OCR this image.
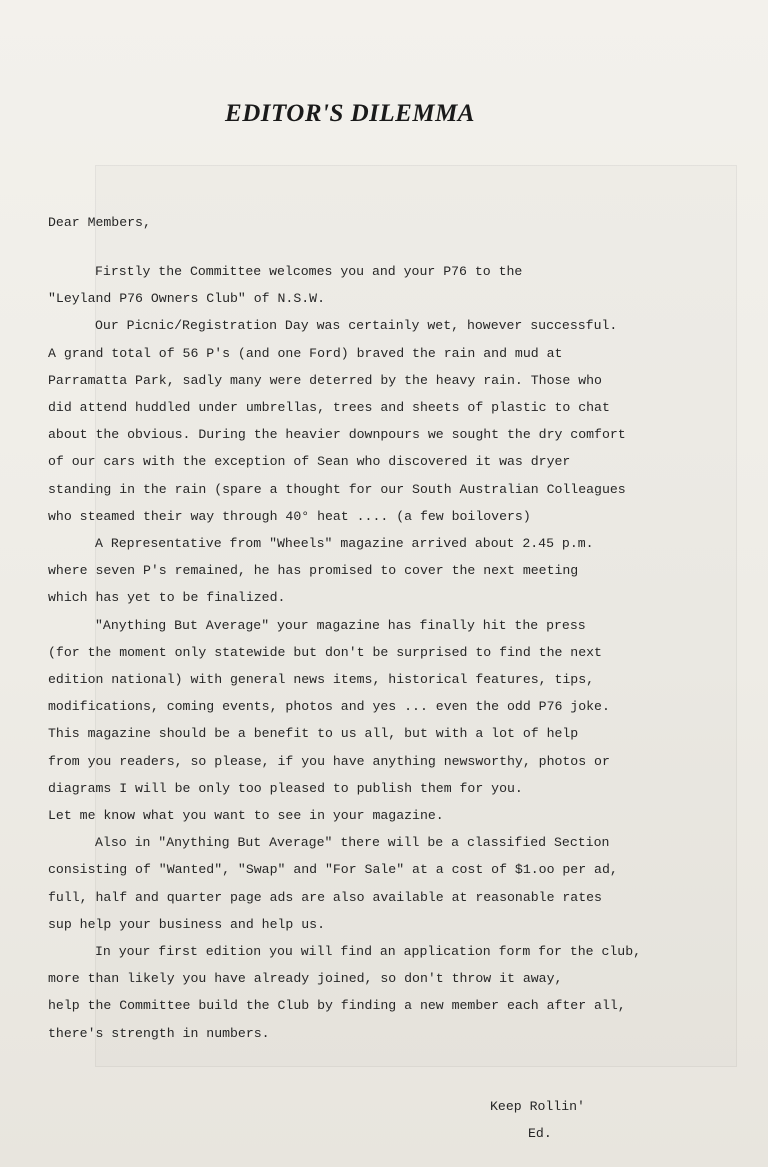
EDITOR'S DILEMMA
Dear Members,

Firstly the Committee welcomes you and your P76 to the
"Leyland P76 Owners Club" of N.S.W.

Our Picnic/Registration Day was certainly wet, however successful.
A grand total of 56 P's (and one Ford) braved the rain and mud at
Parramatta Park, sadly many were deterred by the heavy rain. Those who
did attend huddled under umbrellas, trees and sheets of plastic to chat
about the obvious. During the heavier downpours we sought the dry comfort
of our cars with the exception of Sean who discovered it was dryer
standing in the rain (spare a thought for our South Australian Colleagues
who steamed their way through 40° heat .... (a few boilovers)

A Representative from "Wheels" magazine arrived about 2.45 p.m.
where seven P's remained, he has promised to cover the next meeting
which has yet to be finalized.

"Anything But Average" your magazine has finally hit the press
(for the moment only statewide but don't be surprised to find the next
edition national) with general news items, historical features, tips,
modifications, coming events, photos and yes ... even the odd P76 joke.
This magazine should be a benefit to us all, but with a lot of help
from you readers, so please, if you have anything newsworthy, photos or
diagrams I will be only too pleased to publish them for you.

Let me know what you want to see in your magazine.

Also in "Anything But Average" there will be a classified Section
consisting of "Wanted", "Swap" and "For Sale" at a cost of $1.oo per ad,
full, half and quarter page ads are also available at reasonable rates
sup help your business and help us.

In your first edition you will find an application form for the club,
more than likely you have already joined, so don't throw it away,
help the Committee build the Club by finding a new member each after all,
there's strength in numbers.

Keep Rollin'
Ed.
